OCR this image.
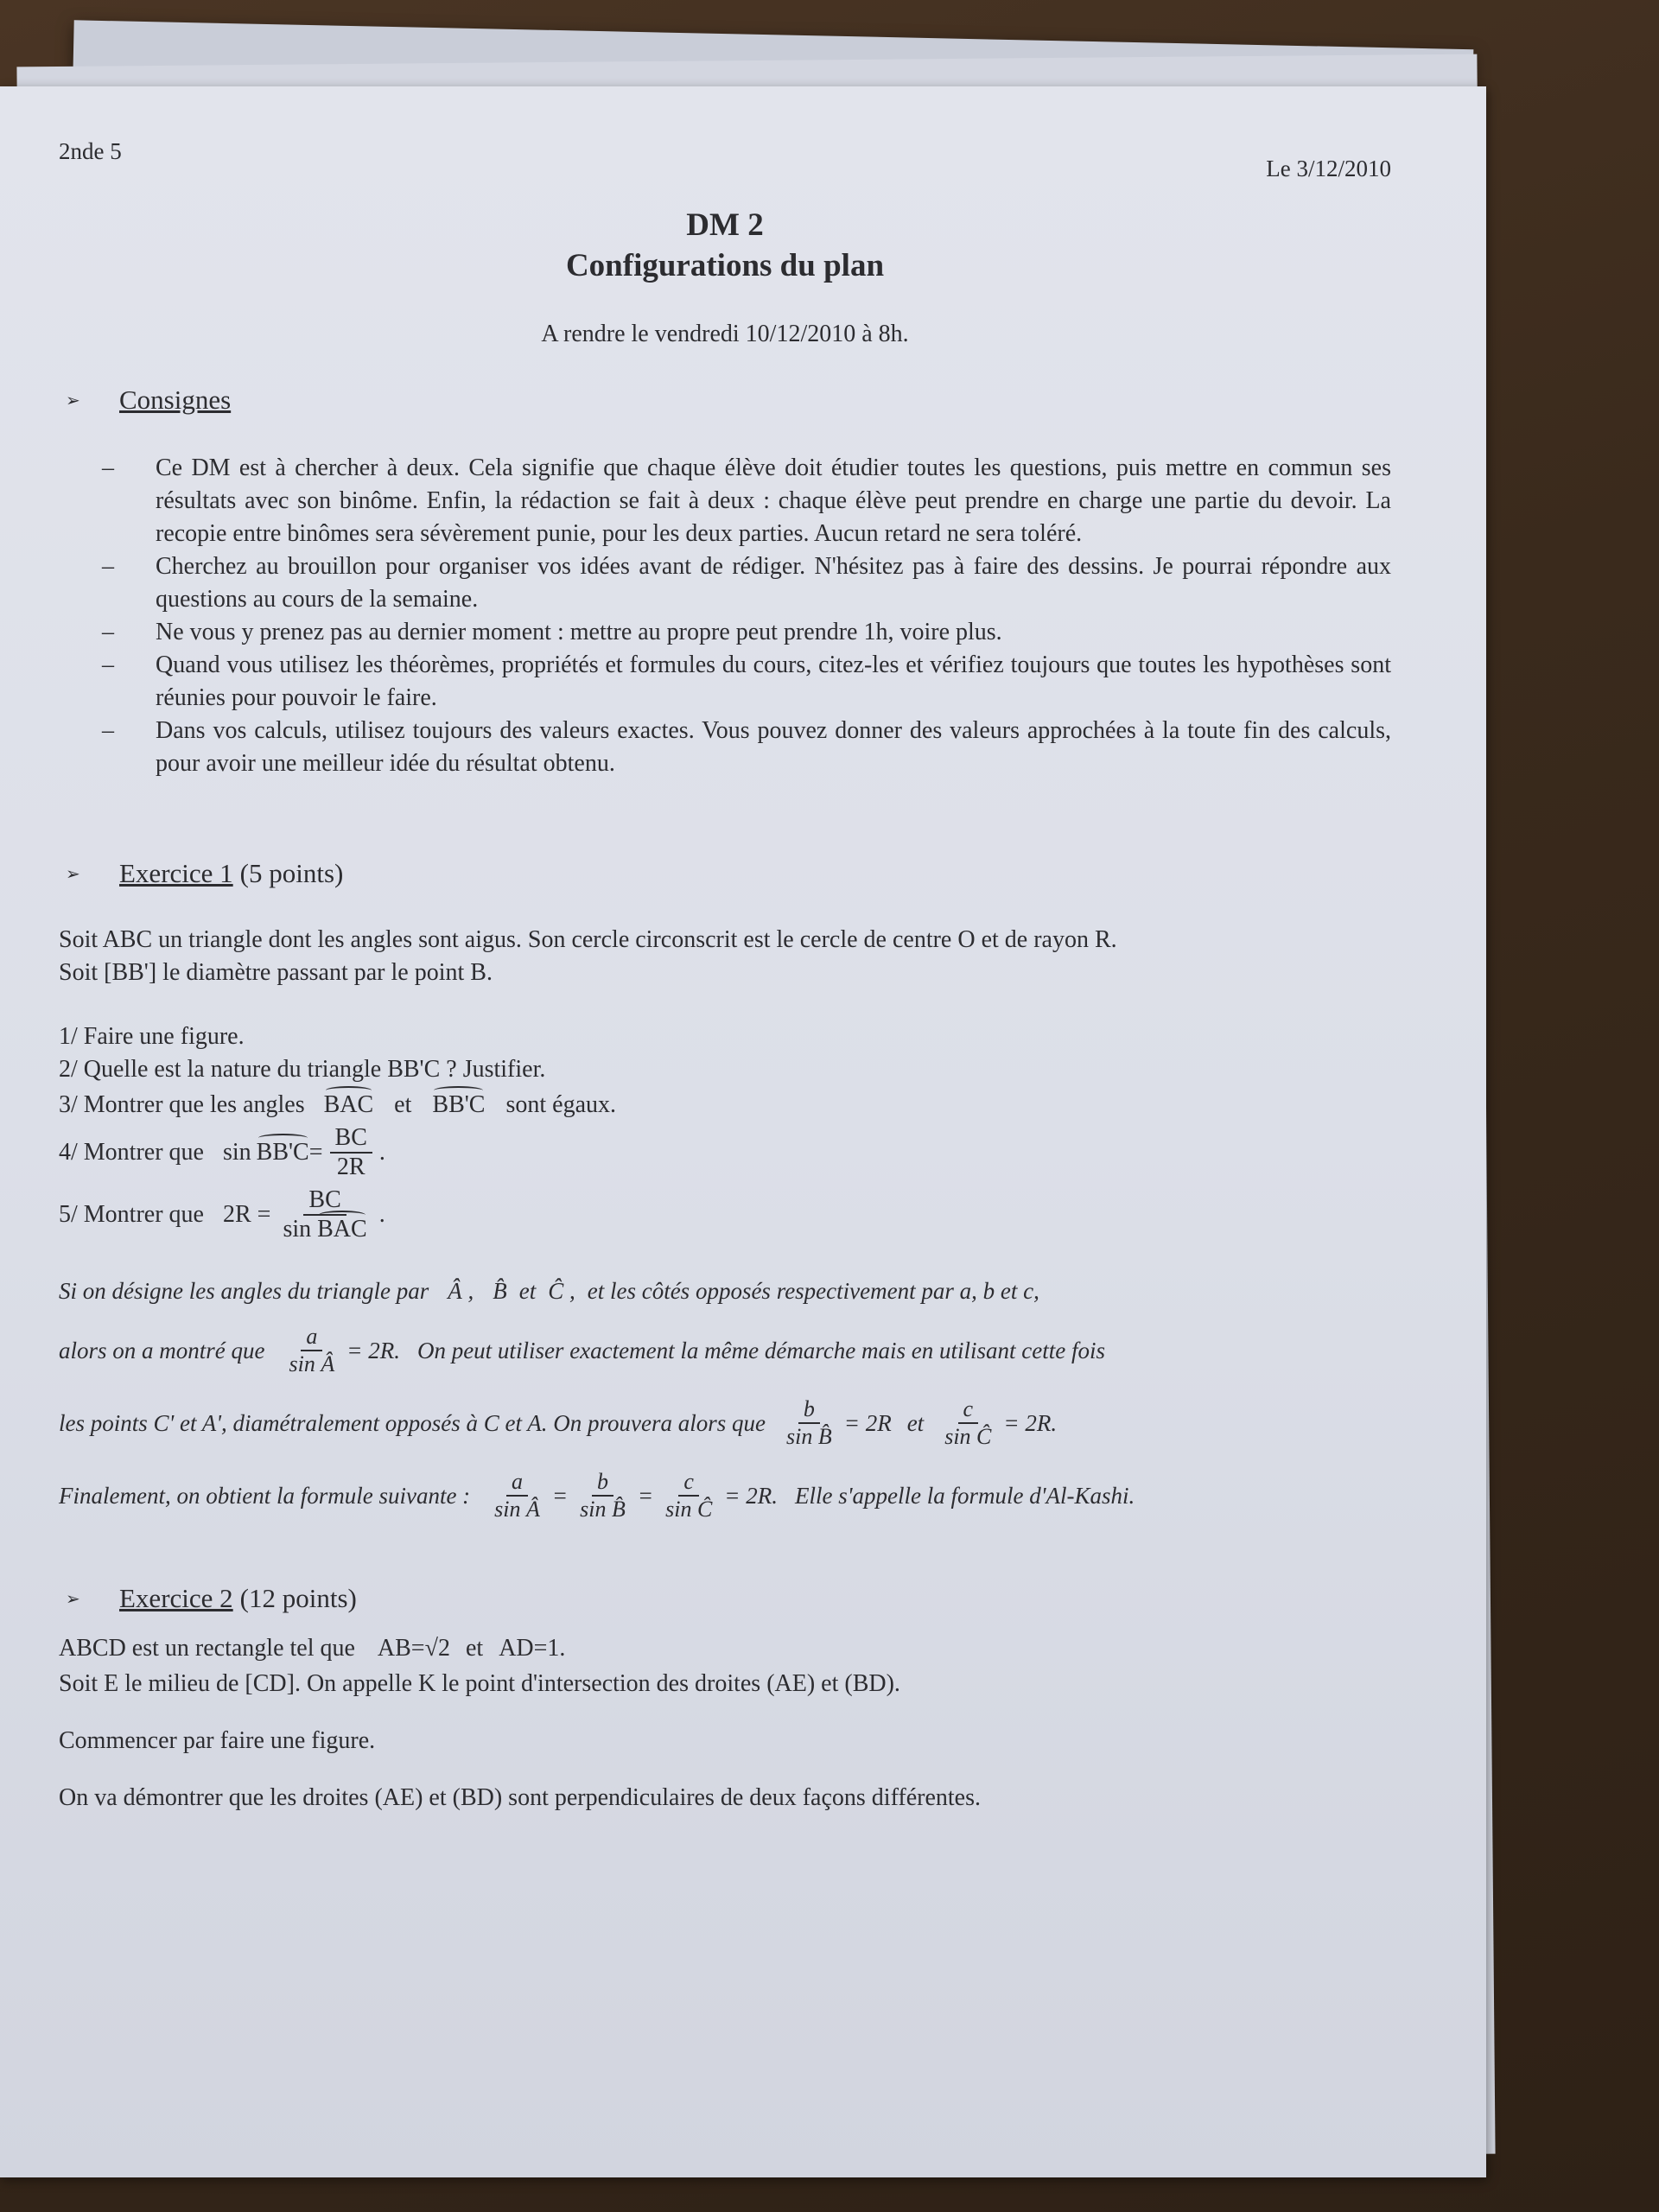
2nde 5
Le 3/12/2010
DM 2
Configurations du plan
A rendre le vendredi 10/12/2010 à 8h.
➢	Consignes
– Ce DM est à chercher à deux. Cela signifie que chaque élève doit étudier toutes les questions, puis mettre en commun ses résultats avec son binôme. Enfin, la rédaction se fait à deux : chaque élève peut prendre en charge une partie du devoir. La recopie entre binômes sera sévèrement punie, pour les deux parties. Aucun retard ne sera toléré.
– Cherchez au brouillon pour organiser vos idées avant de rédiger. N'hésitez pas à faire des dessins. Je pourrai répondre aux questions au cours de la semaine.
– Ne vous y prenez pas au dernier moment : mettre au propre peut prendre 1h, voire plus.
– Quand vous utilisez les théorèmes, propriétés et formules du cours, citez-les et vérifiez toujours que toutes les hypothèses sont réunies pour pouvoir le faire.
– Dans vos calculs, utilisez toujours des valeurs exactes. Vous pouvez donner des valeurs approchées à la toute fin des calculs, pour avoir une meilleur idée du résultat obtenu.
➢	Exercice 1 (5 points)
Soit ABC un triangle dont les angles sont aigus. Son cercle circonscrit est le cercle de centre O et de rayon R.
Soit [BB'] le diamètre passant par le point B.
1/ Faire une figure.
2/ Quelle est la nature du triangle BB'C ? Justifier.
3/ Montrer que les angles BAC et BB'C sont égaux.
4/ Montrer que $\sin BB'C = \frac{BC}{2R}$ .
5/ Montrer que $2R = \frac{BC}{\text{sin BAC}}$ .
Si on désigne les angles du triangle par Â , B̂ et Ĉ , et les côtés opposés respectivement par a, b et c,
alors on a montré que $\frac{a}{\text{sin Â}} = 2R$. On peut utiliser exactement la même démarche mais en utilisant cette fois
les points C' et A', diamétralement opposés à C et A. On prouvera alors que $\frac{b}{\text{sin B̂}} = 2R$ et $\frac{c}{\text{sin Ĉ}} = 2R$.
Finalement, on obtient la formule suivante : $\frac{a}{\text{sin Â}} = \frac{b}{\text{sin B̂}} = \frac{c}{\text{sin Ĉ}} = 2R$. Elle s'appelle la formule d'Al-Kashi.
➢	Exercice 2 (12 points)
ABCD est un rectangle tel que AB=√2 et AD=1.
Soit E le milieu de [CD]. On appelle K le point d'intersection des droites (AE) et (BD).
Commencer par faire une figure.
On va démontrer que les droites (AE) et (BD) sont perpendiculaires de deux façons différentes.
